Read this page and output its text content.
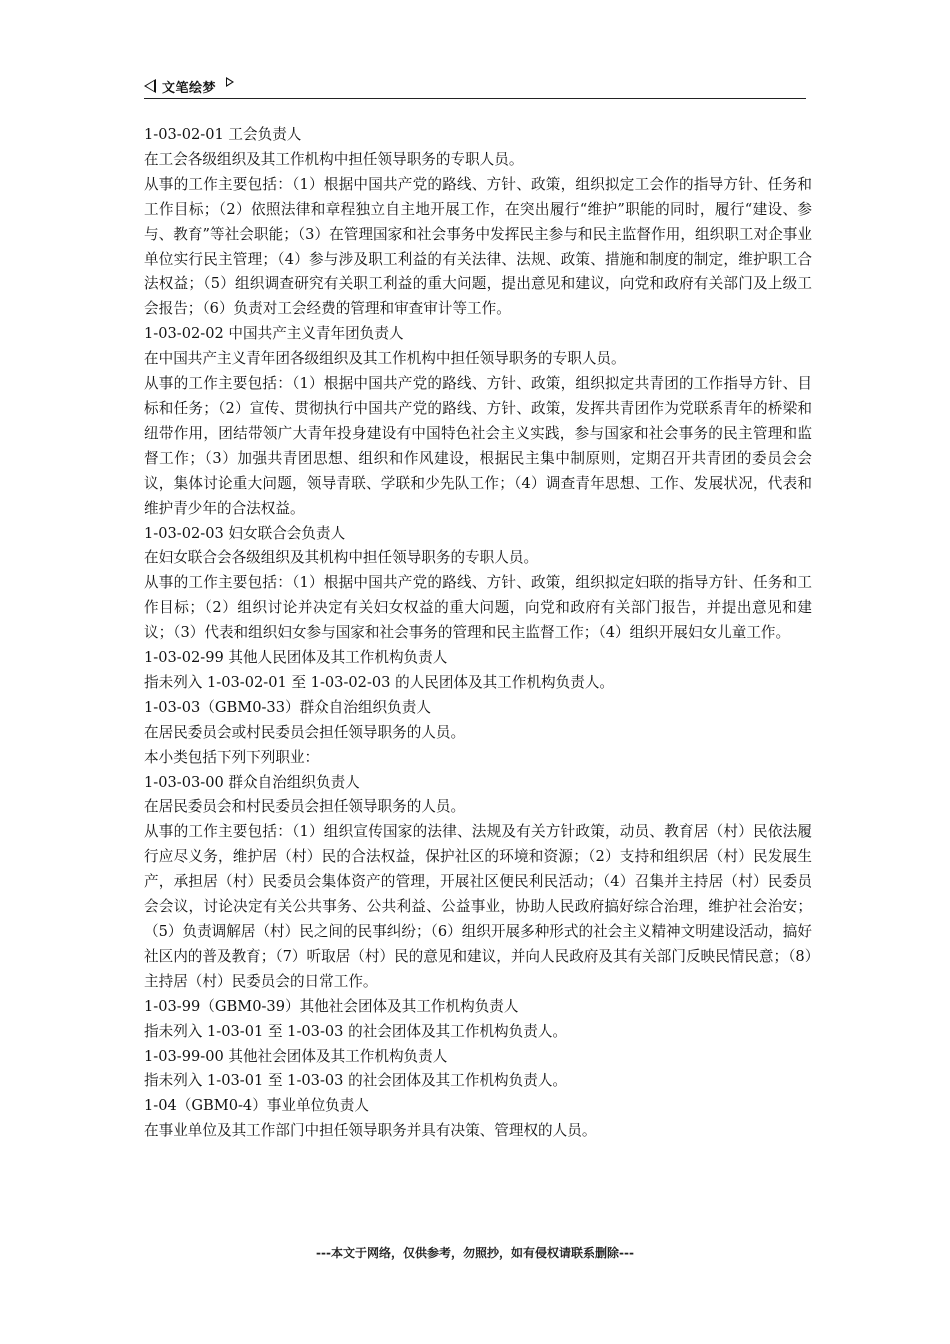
文笔绘梦

1-03-02-01 工会负责人

在工会各级组织及其工作机构中担任领导职务的专职人员。

从事的工作主要包括：（1）根据中国共产党的路线、方针、政策，组织拟定工会作的指导方针、任务和工作目标；（2）依照法律和章程独立自主地开展工作，在突出履行“维护”职能的同时，履行“建设、参与、教育”等社会职能；（3）在管理国家和社会事务中发挥民主参与和民主监督作用，组织职工对企事业单位实行民主管理；（4）参与涉及职工利益的有关法律、法规、政策、措施和制度的制定，维护职工合法权益；（5）组织调查研究有关职工利益的重大问题，提出意见和建议，向党和政府有关部门及上级工会报告；（6）负责对工会经费的管理和审查审计等工作。

1-03-02-02 中国共产主义青年团负责人

在中国共产主义青年团各级组织及其工作机构中担任领导职务的专职人员。

从事的工作主要包括：（1）根据中国共产党的路线、方针、政策，组织拟定共青团的工作指导方针、目标和任务；（2）宣传、贯彻执行中国共产党的路线、方针、政策，发挥共青团作为党联系青年的桥梁和纽带作用，团结带领广大青年投身建设有中国特色社会主义实践，参与国家和社会事务的民主管理和监督工作；（3）加强共青团思想、组织和作风建设，根据民主集中制原则，定期召开共青团的委员会会议，集体讨论重大问题，领导青联、学联和少先队工作；（4）调查青年思想、工作、发展状况，代表和维护青少年的合法权益。

1-03-02-03 妇女联合会负责人

在妇女联合会各级组织及其机构中担任领导职务的专职人员。

从事的工作主要包括：（1）根据中国共产党的路线、方针、政策，组织拟定妇联的指导方针、任务和工作目标；（2）组织讨论并决定有关妇女权益的重大问题，向党和政府有关部门报告，并提出意见和建议；（3）代表和组织妇女参与国家和社会事务的管理和民主监督工作；（4）组织开展妇女儿童工作。

1-03-02-99 其他人民团体及其工作机构负责人

指未列入 1-03-02-01 至 1-03-02-03 的人民团体及其工作机构负责人。

1-03-03（GBM0-33）群众自治组织负责人

在居民委员会或村民委员会担任领导职务的人员。

本小类包括下列下列职业：

1-03-03-00 群众自治组织负责人

在居民委员会和村民委员会担任领导职务的人员。

从事的工作主要包括：（1）组织宣传国家的法律、法规及有关方针政策，动员、教育居（村）民依法履行应尽义务，维护居（村）民的合法权益，保护社区的环境和资源；（2）支持和组织居（村）民发展生产，承担居（村）民委员会集体资产的管理，开展社区便民利民活动；（4）召集并主持居（村）民委员会会议，讨论决定有关公共事务、公共利益、公益事业，协助人民政府搞好综合治理，维护社会治安；（5）负责调解居（村）民之间的民事纠纷；（6）组织开展多种形式的社会主义精神文明建设活动，搞好社区内的普及教育；（7）听取居（村）民的意见和建议，并向人民政府及其有关部门反映民情民意；（8）主持居（村）民委员会的日常工作。

1-03-99（GBM0-39）其他社会团体及其工作机构负责人

指未列入 1-03-01 至 1-03-03 的社会团体及其工作机构负责人。

1-03-99-00 其他社会团体及其工作机构负责人

指未列入 1-03-01 至 1-03-03 的社会团体及其工作机构负责人。

1-04（GBM0-4）事业单位负责人

在事业单位及其工作部门中担任领导职务并具有决策、管理权的人员。

---本文于网络，仅供参考，勿照抄，如有侵权请联系删除---
